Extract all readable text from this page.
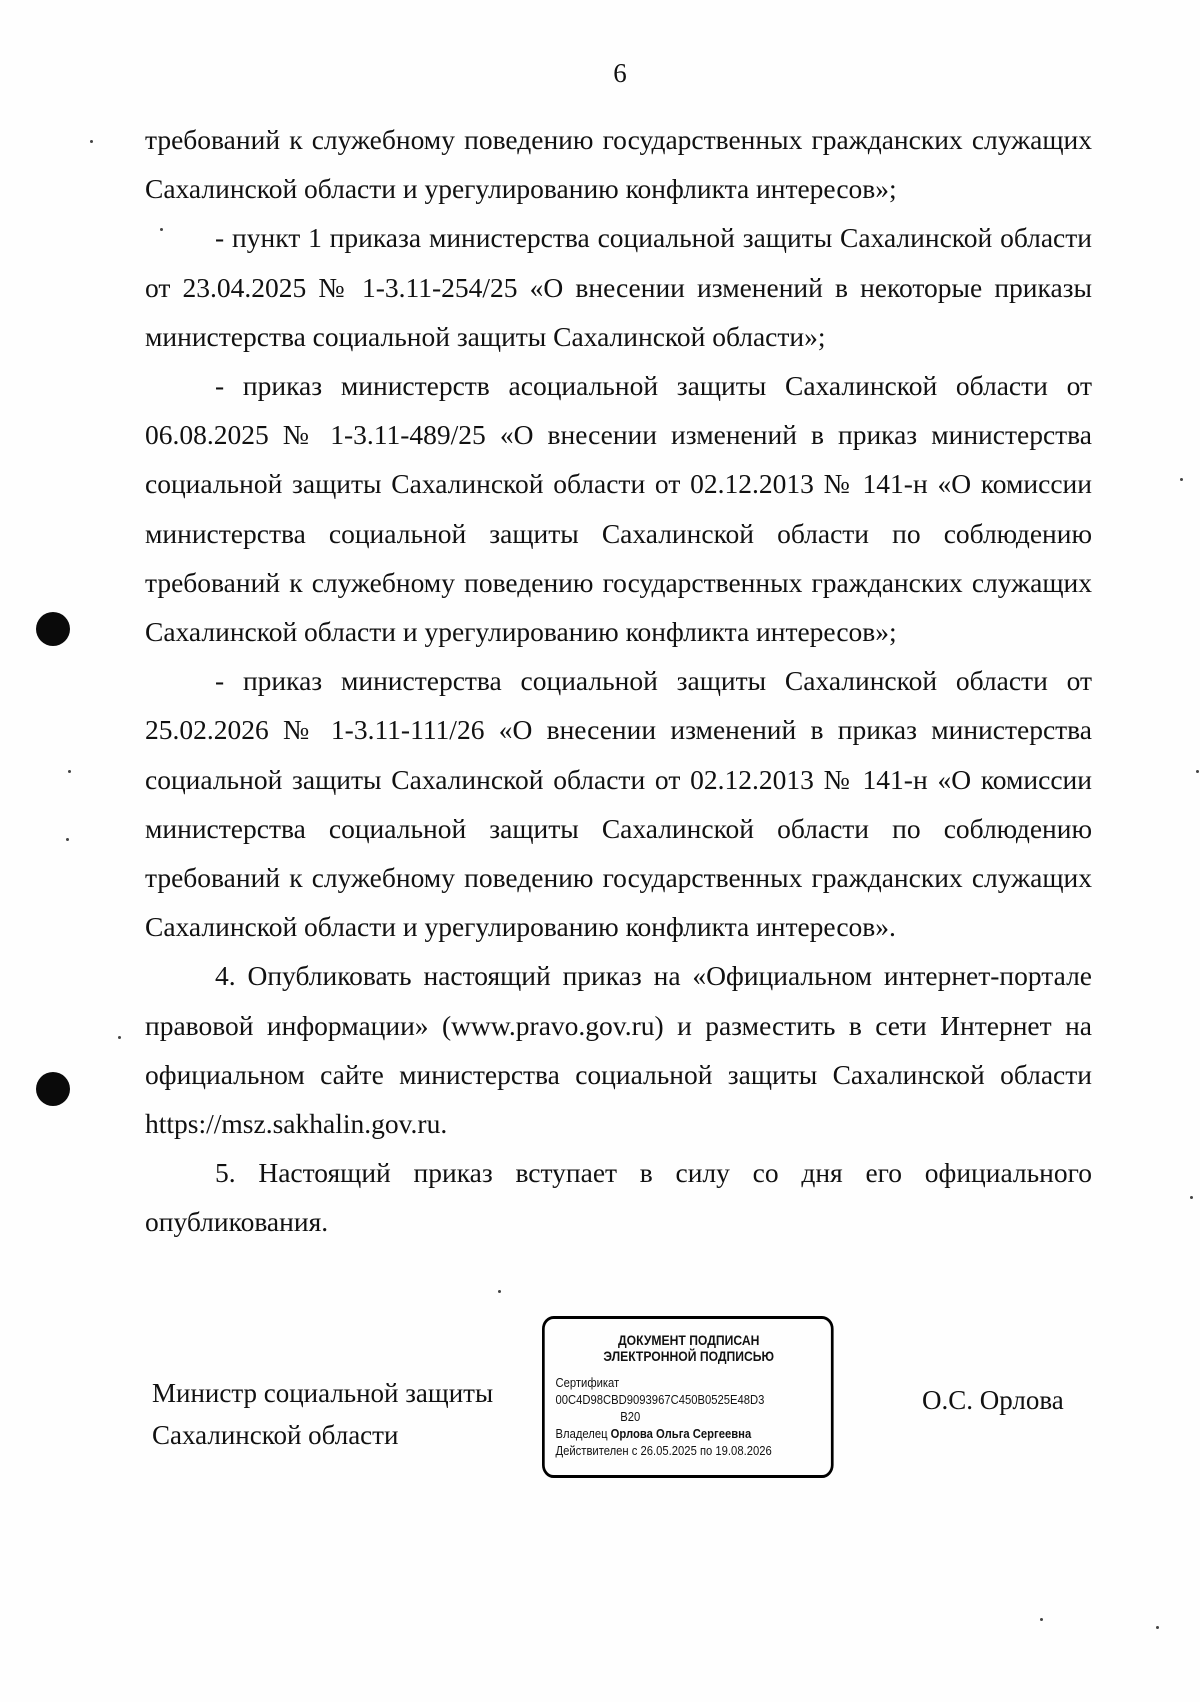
6

требований к служебному поведению государственных гражданских служащих Сахалинской области и урегулированию конфликта интересов»;

- пункт 1 приказа министерства социальной защиты Сахалинской области от 23.04.2025 № 1-3.11-254/25 «О внесении изменений в некоторые приказы министерства социальной защиты Сахалинской области»;

- приказ министерств асоциальной защиты Сахалинской области от 06.08.2025 № 1-3.11-489/25 «О внесении изменений в приказ министерства социальной защиты Сахалинской области от 02.12.2013 № 141-н «О комиссии министерства социальной защиты Сахалинской области по соблюдению требований к служебному поведению государственных гражданских служащих Сахалинской области и урегулированию конфликта интересов»;

- приказ министерства социальной защиты Сахалинской области от 25.02.2026 № 1-3.11-111/26 «О внесении изменений в приказ министерства социальной защиты Сахалинской области от 02.12.2013 № 141-н «О комиссии министерства социальной защиты Сахалинской области по соблюдению требований к служебному поведению государственных гражданских служащих Сахалинской области и урегулированию конфликта интересов».

4. Опубликовать настоящий приказ на «Официальном интернет-портале правовой информации» (www.pravo.gov.ru) и разместить в сети Интернет на официальном сайте министерства социальной защиты Сахалинской области https://msz.sakhalin.gov.ru.

5. Настоящий приказ вступает в силу со дня его официального опубликования.

Министр социальной защиты
Сахалинской области
ДОКУМЕНТ ПОДПИСАН
ЭЛЕКТРОННОЙ ПОДПИСЬЮ
Сертификат 00C4D98CBD9093967C450B0525E48D3
B20
Владелец Орлова Ольга Сергеевна
Действителен с 26.05.2025 по 19.08.2026
О.С. Орлова
